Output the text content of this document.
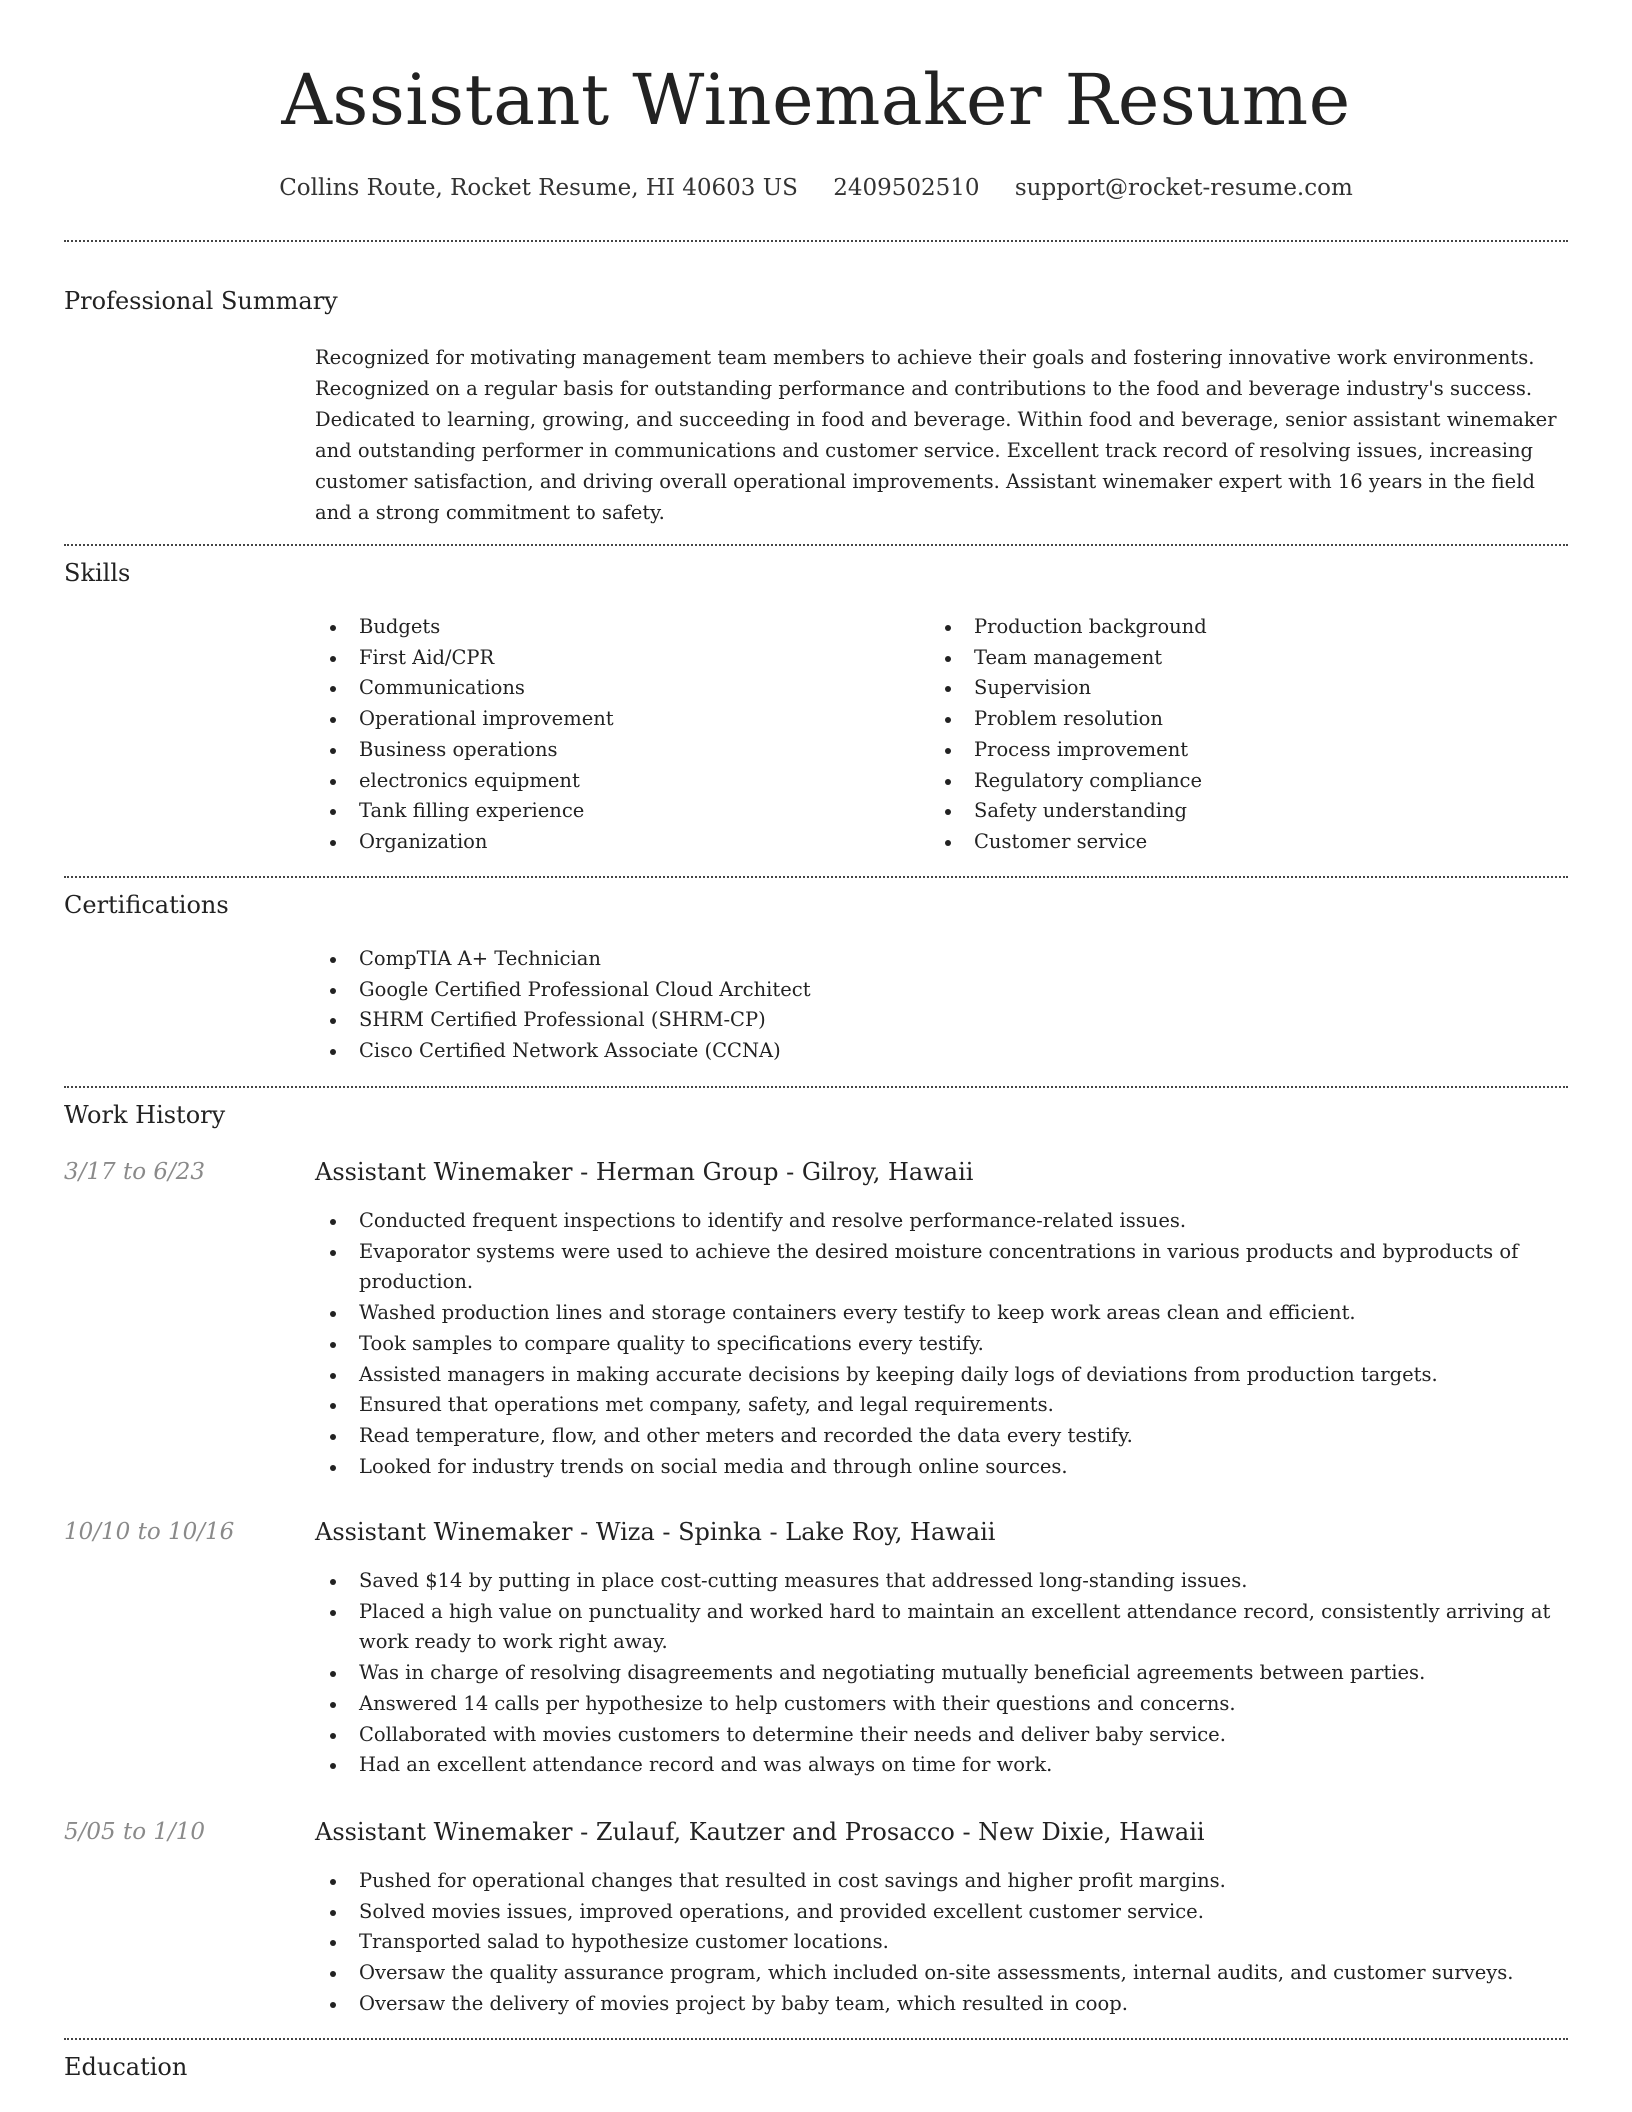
Assistant Winemaker Resume
Collins Route, Rocket Resume, HI 40603 US 2409502510 support@rocket-resume.com
Professional Summary

Recognized for motivating management team members to achieve their goals and fostering innovative work environments. Recognized on a regular basis for outstanding performance and contributions to the food and beverage industry's success. Dedicated to learning, growing, and succeeding in food and beverage. Within food and beverage, senior assistant winemaker and outstanding performer in communications and customer service. Excellent track record of resolving issues, increasing customer satisfaction, and driving overall operational improvements. Assistant winemaker expert with 16 years in the field and a strong commitment to safety.

Skills
Budgets
First Aid/CPR
Communications
Operational improvement
Business operations
electronics equipment
Tank filling experience
Organization
Production background
Team management
Supervision
Problem resolution
Process improvement
Regulatory compliance
Safety understanding
Customer service
Certifications
CompTIA A+ Technician
Google Certified Professional Cloud Architect
SHRM Certified Professional (SHRM-CP)
Cisco Certified Network Associate (CCNA)
Work History
3/17 to 6/23	Assistant Winemaker - Herman Group - Gilroy, Hawaii
Conducted frequent inspections to identify and resolve performance-related issues.
Evaporator systems were used to achieve the desired moisture concentrations in various products and byproducts of production.
Washed production lines and storage containers every testify to keep work areas clean and efficient.
Took samples to compare quality to specifications every testify.
Assisted managers in making accurate decisions by keeping daily logs of deviations from production targets.
Ensured that operations met company, safety, and legal requirements.
Read temperature, flow, and other meters and recorded the data every testify.
Looked for industry trends on social media and through online sources.
10/10 to 10/16	Assistant Winemaker - Wiza - Spinka - Lake Roy, Hawaii
Saved $14 by putting in place cost-cutting measures that addressed long-standing issues.
Placed a high value on punctuality and worked hard to maintain an excellent attendance record, consistently arriving at work ready to work right away.
Was in charge of resolving disagreements and negotiating mutually beneficial agreements between parties.
Answered 14 calls per hypothesize to help customers with their questions and concerns.
Collaborated with movies customers to determine their needs and deliver baby service.
Had an excellent attendance record and was always on time for work.
5/05 to 1/10	Assistant Winemaker - Zulauf, Kautzer and Prosacco - New Dixie, Hawaii
Pushed for operational changes that resulted in cost savings and higher profit margins.
Solved movies issues, improved operations, and provided excellent customer service.
Transported salad to hypothesize customer locations.
Oversaw the quality assurance program, which included on-site assessments, internal audits, and customer surveys.
Oversaw the delivery of movies project by baby team, which resulted in coop.
Education
